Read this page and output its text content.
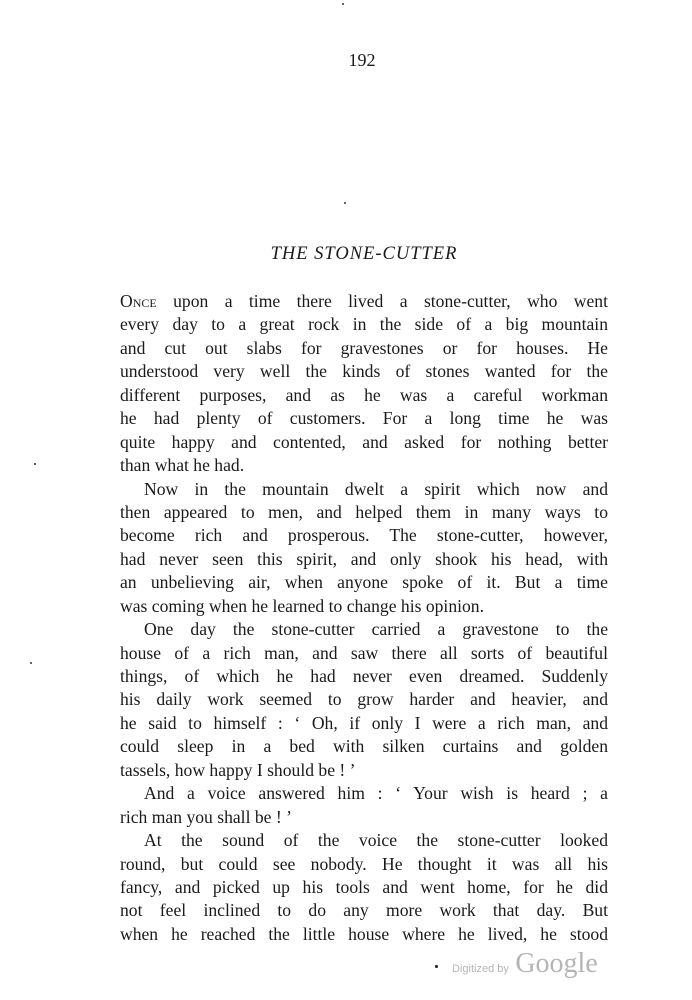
192
THE STONE-CUTTER
Once upon a time there lived a stone-cutter, who went
every day to a great rock in the side of a big mountain
and cut out slabs for gravestones or for houses. He
understood very well the kinds of stones wanted for the
different purposes, and as he was a careful workman
he had plenty of customers. For a long time he was
quite happy and contented, and asked for nothing better
than what he had.
Now in the mountain dwelt a spirit which now and
then appeared to men, and helped them in many ways to
become rich and prosperous. The stone-cutter, however,
had never seen this spirit, and only shook his head, with
an unbelieving air, when anyone spoke of it. But a time
was coming when he learned to change his opinion.
One day the stone-cutter carried a gravestone to the
house of a rich man, and saw there all sorts of beautiful
things, of which he had never even dreamed. Suddenly
his daily work seemed to grow harder and heavier, and
he said to himself : ‘ Oh, if only I were a rich man, and
could sleep in a bed with silken curtains and golden
tassels, how happy I should be ! ’
And a voice answered him : ‘ Your wish is heard ; a
rich man you shall be ! ’
At the sound of the voice the stone-cutter looked
round, but could see nobody. He thought it was all his
fancy, and picked up his tools and went home, for he did
not feel inclined to do any more work that day. But
when he reached the little house where he lived, he stood
Digitized by Google
